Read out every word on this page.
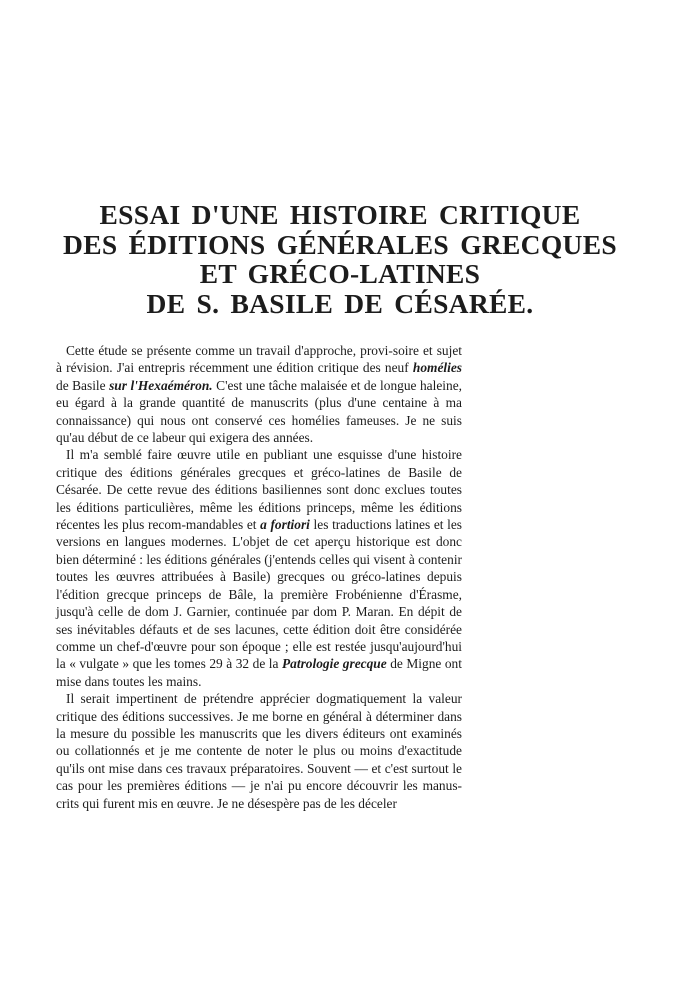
ESSAI D'UNE HISTOIRE CRITIQUE
DES ÉDITIONS GÉNÉRALES GRECQUES
ET GRÉCO-LATINES
DE S. BASILE DE CÉSARÉE.

Cette étude se présente comme un travail d'approche, provi-soire et sujet à révision. J'ai entrepris récemment une édition critique des neuf homélies de Basile sur l'Hexaéméron. C'est une tâche malaisée et de longue haleine, eu égard à la grande quantité de manuscrits (plus d'une centaine à ma connaissance) qui nous ont conservé ces homélies fameuses. Je ne suis qu'au début de ce labeur qui exigera des années.

Il m'a semblé faire œuvre utile en publiant une esquisse d'une histoire critique des éditions générales grecques et gréco-latines de Basile de Césarée. De cette revue des éditions basiliennes sont donc exclues toutes les éditions particulières, même les éditions princeps, même les éditions récentes les plus recom-mandables et a fortiori les traductions latines et les versions en langues modernes. L'objet de cet aperçu historique est donc bien déterminé : les éditions générales (j'entends celles qui visent à contenir toutes les œuvres attribuées à Basile) grecques ou gréco-latines depuis l'édition grecque princeps de Bâle, la première Frobénienne d'Érasme, jusqu'à celle de dom J. Garnier, continuée par dom P. Maran. En dépit de ses inévitables défauts et de ses lacunes, cette édition doit être considérée comme un chef-d'œuvre pour son époque ; elle est restée jusqu'aujourd'hui la « vulgate » que les tomes 29 à 32 de la Patrologie grecque de Migne ont mise dans toutes les mains.

Il serait impertinent de prétendre apprécier dogmatiquement la valeur critique des éditions successives. Je me borne en général à déterminer dans la mesure du possible les manuscrits que les divers éditeurs ont examinés ou collationnés et je me contente de noter le plus ou moins d'exactitude qu'ils ont mise dans ces travaux préparatoires. Souvent — et c'est surtout le cas pour les premières éditions — je n'ai pu encore découvrir les manus-crits qui furent mis en œuvre. Je ne désespère pas de les déceler
